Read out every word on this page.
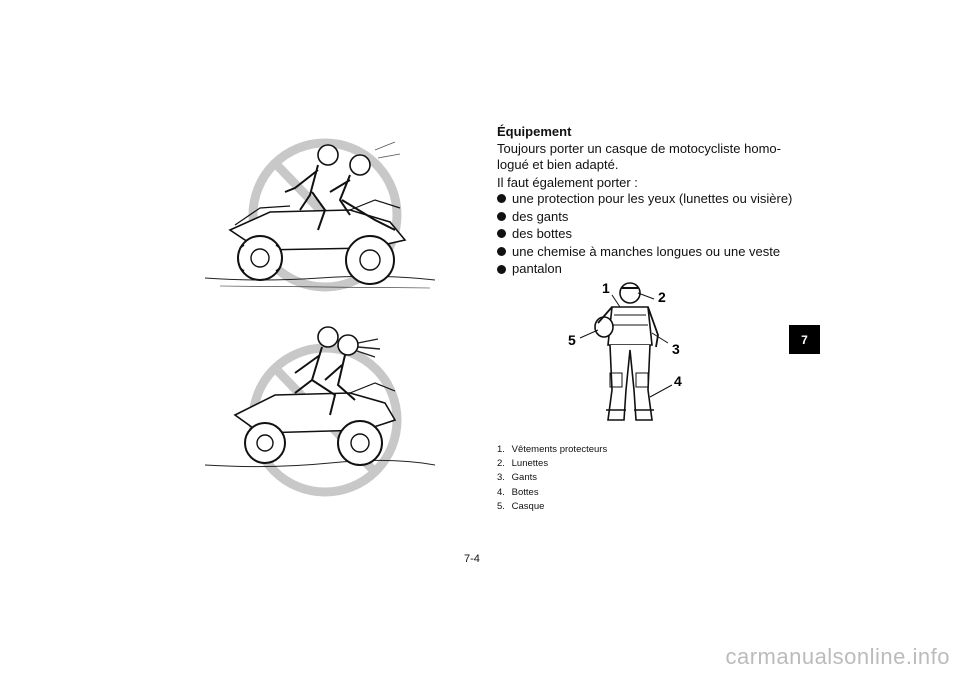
Équipement
Toujours porter un casque de motocycliste homo-
logué et bien adapté.
Il faut également porter :
une protection pour les yeux (lunettes ou visière)
des gants
des bottes
une chemise à manches longues ou une veste
pantalon
1
2
3
4
5
1. Vêtements protecteurs
2. Lunettes
3. Gants
4. Bottes
5. Casque
7
7-4
carmanualsonline.info
